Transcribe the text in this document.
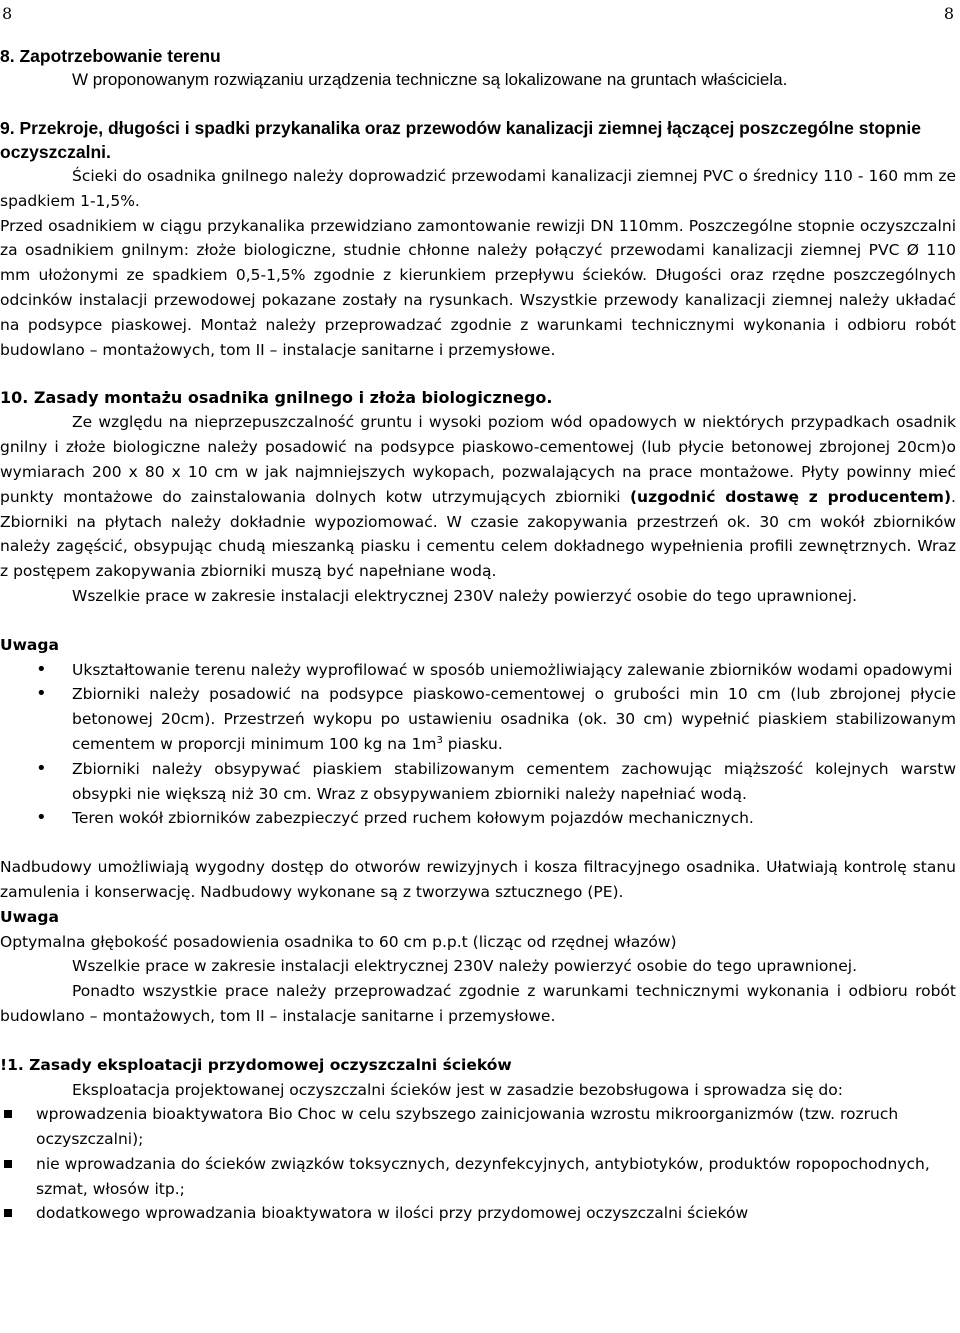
8	8
8. Zapotrzebowanie terenu
W proponowanym rozwiązaniu urządzenia techniczne są lokalizowane na gruntach właściciela.
9. Przekroje, długości i spadki przykanalika oraz przewodów kanalizacji ziemnej łączącej poszczególne stopnie oczyszczalni.

Ścieki do osadnika gnilnego należy doprowadzić przewodami kanalizacji ziemnej PVC o średnicy 110 - 160 mm ze spadkiem 1-1,5%.

Przed osadnikiem w ciągu przykanalika przewidziano zamontowanie rewizji DN 110mm. Poszczególne stopnie oczyszczalni za osadnikiem gnilnym: złoże biologiczne, studnie chłonne należy połączyć przewodami kanalizacji ziemnej PVC Ø 110 mm ułożonymi ze spadkiem 0,5-1,5% zgodnie z kierunkiem przepływu ścieków. Długości oraz rzędne poszczególnych odcinków instalacji przewodowej pokazane zostały na rysunkach. Wszystkie przewody kanalizacji ziemnej należy układać na podsypce piaskowej. Montaż należy przeprowadzać zgodnie z warunkami technicznymi wykonania i odbioru robót budowlano – montażowych, tom II – instalacje sanitarne i przemysłowe.

10. Zasady montażu osadnika gnilnego i złoża biologicznego.

Ze względu na nieprzepuszczalność gruntu i wysoki poziom wód opadowych w niektórych przypadkach osadnik gnilny i złoże biologiczne należy posadowić na podsypce piaskowo-cementowej (lub płycie betonowej zbrojonej 20cm)o wymiarach 200 x 80 x 10 cm w jak najmniejszych wykopach, pozwalających na prace montażowe. Płyty powinny mieć punkty montażowe do zainstalowania dolnych kotw utrzymujących zbiorniki (uzgodnić dostawę z producentem). Zbiorniki na płytach należy dokładnie wypoziomować. W czasie zakopywania przestrzeń ok. 30 cm wokół zbiorników należy zagęścić, obsypując chudą mieszanką piasku i cementu celem dokładnego wypełnienia profili zewnętrznych. Wraz z postępem zakopywania zbiorniki muszą być napełniane wodą.

Wszelkie prace w zakresie instalacji elektrycznej 230V należy powierzyć osobie do tego uprawnionej.

Uwaga
• Ukształtowanie terenu należy wyprofilować w sposób uniemożliwiający zalewanie zbiorników wodami opadowymi
• Zbiorniki należy posadowić na podsypce piaskowo-cementowej o grubości min 10 cm (lub zbrojonej płycie betonowej 20cm). Przestrzeń wykopu po ustawieniu osadnika (ok. 30 cm) wypełnić piaskiem stabilizowanym cementem w proporcji minimum 100 kg na $1m^3$ piasku.
• Zbiorniki należy obsypywać piaskiem stabilizowanym cementem zachowując miąższość kolejnych warstw obsypki nie większą niż 30 cm. Wraz z obsypywaniem zbiorniki należy napełniać wodą.
• Teren wokół zbiorników zabezpieczyć przed ruchem kołowym pojazdów mechanicznych.

Nadbudowy umożliwiają wygodny dostęp do otworów rewizyjnych i kosza filtracyjnego osadnika. Ułatwiają kontrolę stanu zamulenia i konserwację. Nadbudowy wykonane są z tworzywa sztucznego (PE).

Uwaga

Optymalna głębokość posadowienia osadnika to 60 cm p.p.t (licząc od rzędnej włazów)

Wszelkie prace w zakresie instalacji elektrycznej 230V należy powierzyć osobie do tego uprawnionej.

Ponadto wszystkie prace należy przeprowadzać zgodnie z warunkami technicznymi wykonania i odbioru robót budowlano – montażowych, tom II – instalacje sanitarne i przemysłowe.

!1. Zasady eksploatacji przydomowej oczyszczalni ścieków

Eksploatacja projektowanej oczyszczalni ścieków jest w zasadzie bezobsługowa i sprowadza się do:

wprowadzenia bioaktywatora Bio Choc w celu szybszego zainicjowania wzrostu mikroorganizmów (tzw. rozruch oczyszczalni);
nie wprowadzania do ścieków związków toksycznych, dezynfekcyjnych, antybiotyków, produktów ropopochodnych, szmat, włosów itp.;
dodatkowego wprowadzania bioaktywatora w ilości przy przydomowej oczyszczalni ścieków
